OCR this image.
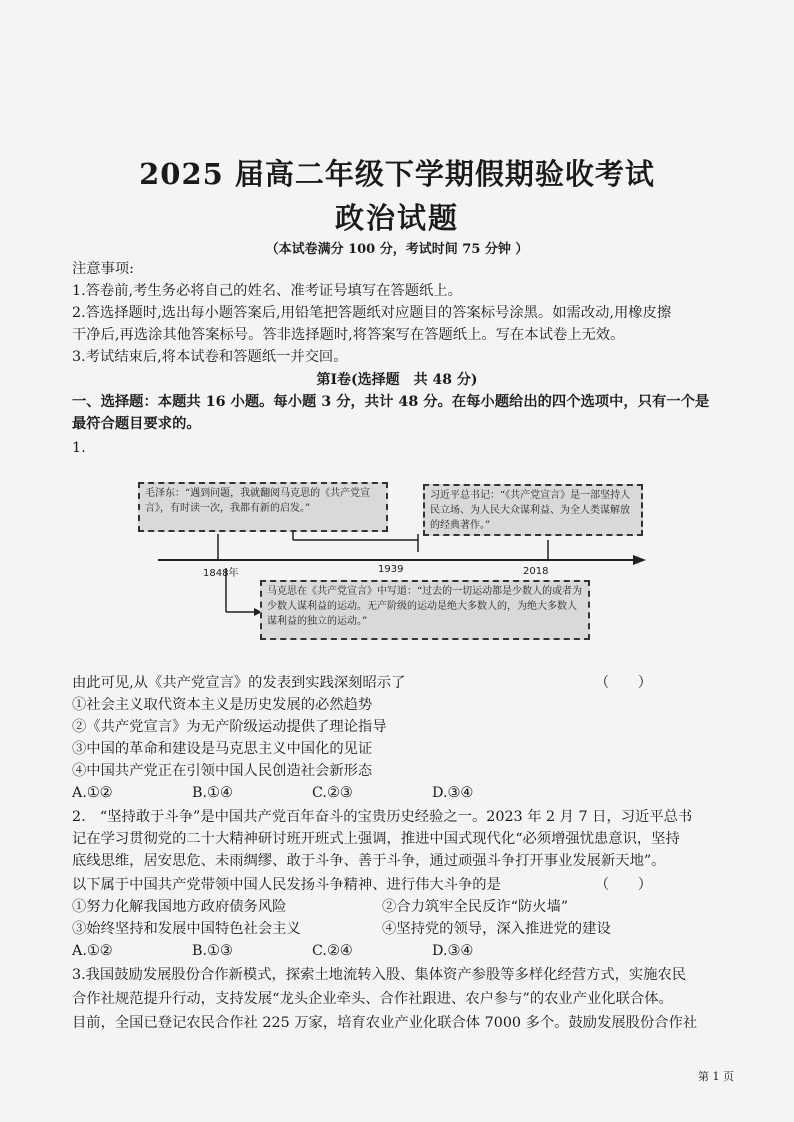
2025 届高二年级下学期假期验收考试
政治试题
（本试卷满分 100 分，考试时间 75 分钟 ）
注意事项:
1.答卷前,考生务必将自己的姓名、准考证号填写在答题纸上。
2.答选择题时,选出每小题答案后,用铅笔把答题纸对应题目的答案标号涂黑。如需改动,用橡皮擦
干净后,再选涂其他答案标号。答非选择题时,将答案写在答题纸上。写在本试卷上无效。
3.考试结束后,将本试卷和答题纸一并交回。
第Ⅰ卷(选择题　共 48 分)
一、选择题：本题共 16 小题。每小题 3 分，共计 48 分。在每小题给出的四个选项中，只有一个是
最符合题目要求的。
1.
毛泽东：“遇到问题，我就翻阅马克思的《共产党宣言》，有时读一次，我都有新的启发。”
习近平总书记：“《共产党宣言》是一部坚持人民立场、为人民大众谋利益、为全人类谋解放的经典著作。”
马克思在《共产党宣言》中写道：“过去的一切运动都是少数人的或者为少数人谋利益的运动。无产阶级的运动是绝大多数人的，为绝大多数人谋利益的独立的运动。”
1848年	1939	2018
由此可见,从《共产党宣言》的发表到实践深刻昭示了	（　　）
①社会主义取代资本主义是历史发展的必然趋势
②《共产党宣言》为无产阶级运动提供了理论指导
③中国的革命和建设是马克思主义中国化的见证
④中国共产党正在引领中国人民创造社会新形态
A.①②	B.①④	C.②③	D.③④
2.　“坚持敢于斗争”是中国共产党百年奋斗的宝贵历史经验之一。2023 年 2 月 7 日，习近平总书
记在学习贯彻党的二十大精神研讨班开班式上强调，推进中国式现代化“必须增强忧患意识，坚持
底线思维，居安思危、未雨绸缪、敢于斗争、善于斗争，通过顽强斗争打开事业发展新天地”。
以下属于中国共产党带领中国人民发扬斗争精神、进行伟大斗争的是	（　　）
①努力化解我国地方政府债务风险	②合力筑牢全民反诈“防火墙”
③始终坚持和发展中国特色社会主义	④坚持党的领导，深入推进党的建设
A.①②	B.①③	C.②④	D.③④
3.我国鼓励发展股份合作新模式，探索土地流转入股、集体资产参股等多样化经营方式，实施农民
合作社规范提升行动，支持发展“龙头企业牵头、合作社跟进、农户参与”的农业产业化联合体。
目前，全国已登记农民合作社 225 万家，培育农业产业化联合体 7000 多个。鼓励发展股份合作社
第 1 页
